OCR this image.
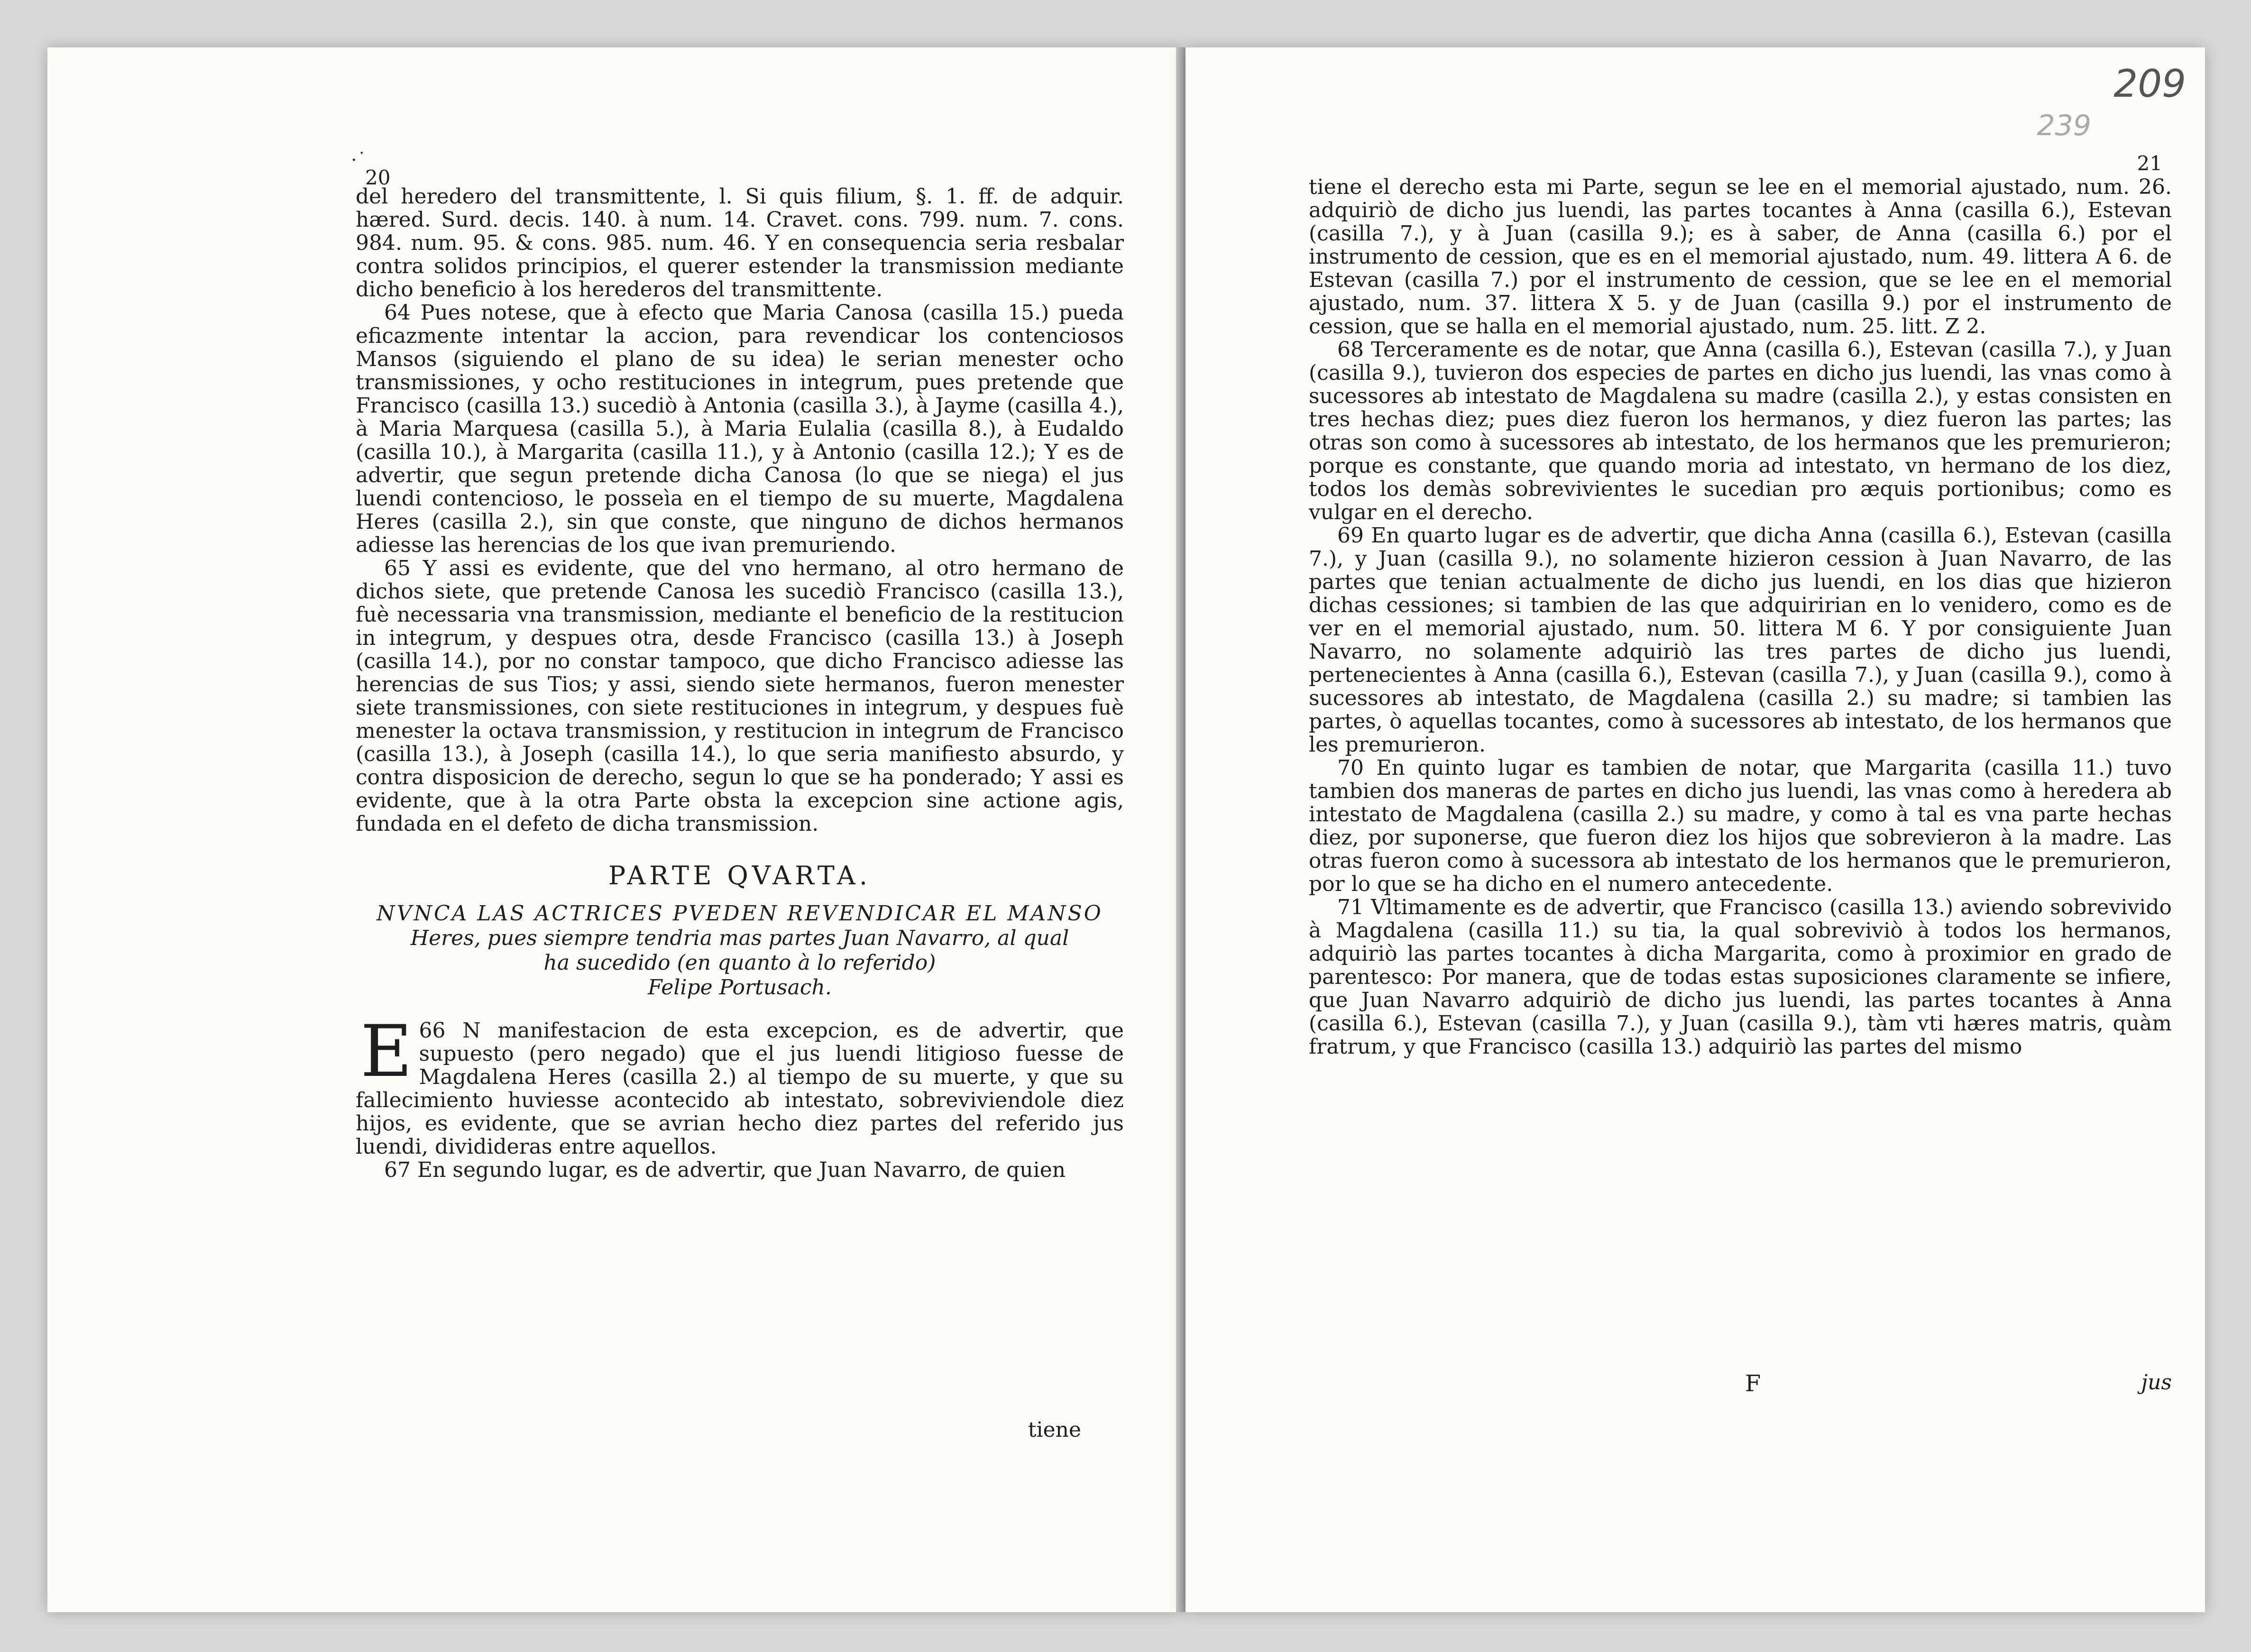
·˙
20

del heredero del transmittente, l. Si quis filium, §. 1. ff. de adquir. hæred. Surd. decis. 140. à num. 14. Cravet. cons. 799. num. 7. cons. 984. num. 95. & cons. 985. num. 46. Y en consequencia seria resbalar contra solidos principios, el querer estender la transmission mediante dicho beneficio à los herederos del transmittente.

64 Pues notese, que à efecto que Maria Canosa (casilla 15.) pueda eficazmente intentar la accion, para revendicar los contenciosos Mansos (siguiendo el plano de su idea) le serian menester ocho transmissiones, y ocho restituciones in integrum, pues pretende que Francisco (casilla 13.) sucediò à Antonia (casilla 3.), à Jayme (casilla 4.), à Maria Marquesa (casilla 5.), à Maria Eulalia (casilla 8.), à Eudaldo (casilla 10.), à Margarita (casilla 11.), y à Antonio (casilla 12.); Y es de advertir, que segun pretende dicha Canosa (lo que se niega) el jus luendi contencioso, le posseìa en el tiempo de su muerte, Magdalena Heres (casilla 2.), sin que conste, que ninguno de dichos hermanos adiesse las herencias de los que ivan premuriendo.

65 Y assi es evidente, que del vno hermano, al otro hermano de dichos siete, que pretende Canosa les sucediò Francisco (casilla 13.), fuè necessaria vna transmission, mediante el beneficio de la restitucion in integrum, y despues otra, desde Francisco (casilla 13.) à Joseph (casilla 14.), por no constar tampoco, que dicho Francisco adiesse las herencias de sus Tios; y assi, siendo siete hermanos, fueron menester siete transmissiones, con siete restituciones in integrum, y despues fuè menester la octava transmission, y restitucion in integrum de Francisco (casilla 13.), à Joseph (casilla 14.), lo que seria manifiesto absurdo, y contra disposicion de derecho, segun lo que se ha ponderado; Y assi es evidente, que à la otra Parte obsta la excepcion sine actione agis, fundada en el defeto de dicha transmission.

PARTE QVARTA.
NVNCA LAS ACTRICES PVEDEN REVENDICAR EL MANSO
Heres, pues siempre tendria mas partes Juan Navarro, al qual
ha sucedido (en quanto à lo referido)
Felipe Portusach.

66
E N manifestacion de esta excepcion, es de advertir, que supuesto (pero negado) que el jus luendi litigioso fuesse de Magdalena Heres (casilla 2.) al tiempo de su muerte, y que su fallecimiento huviesse acontecido ab intestato, sobreviviendole diez hijos, es evidente, que se avrian hecho diez partes del referido jus luendi, dividideras entre aquellos.

67 En segundo lugar, es de advertir, que Juan Navarro, de quien

tiene
209
239
21

tiene el derecho esta mi Parte, segun se lee en el memorial ajustado, num. 26. adquiriò de dicho jus luendi, las partes tocantes à Anna (casilla 6.), Estevan (casilla 7.), y à Juan (casilla 9.); es à saber, de Anna (casilla 6.) por el instrumento de cession, que es en el memorial ajustado, num. 49. littera A 6. de Estevan (casilla 7.) por el instrumento de cession, que se lee en el memorial ajustado, num. 37. littera X 5. y de Juan (casilla 9.) por el instrumento de cession, que se halla en el memorial ajustado, num. 25. litt. Z 2.

68 Terceramente es de notar, que Anna (casilla 6.), Estevan (casilla 7.), y Juan (casilla 9.), tuvieron dos especies de partes en dicho jus luendi, las vnas como à sucessores ab intestato de Magdalena su madre (casilla 2.), y estas consisten en tres hechas diez; pues diez fueron los hermanos, y diez fueron las partes; las otras son como à sucessores ab intestato, de los hermanos que les premurieron; porque es constante, que quando moria ad intestato, vn hermano de los diez, todos los demàs sobrevivientes le sucedian pro æquis portionibus; como es vulgar en el derecho.

69 En quarto lugar es de advertir, que dicha Anna (casilla 6.), Estevan (casilla 7.), y Juan (casilla 9.), no solamente hizieron cession à Juan Navarro, de las partes que tenian actualmente de dicho jus luendi, en los dias que hizieron dichas cessiones; si tambien de las que adquiririan en lo venidero, como es de ver en el memorial ajustado, num. 50. littera M 6. Y por consiguiente Juan Navarro, no solamente adquiriò las tres partes de dicho jus luendi, pertenecientes à Anna (casilla 6.), Estevan (casilla 7.), y Juan (casilla 9.), como à sucessores ab intestato, de Magdalena (casilla 2.) su madre; si tambien las partes, ò aquellas tocantes, como à sucessores ab intestato, de los hermanos que les premurieron.

70 En quinto lugar es tambien de notar, que Margarita (casilla 11.) tuvo tambien dos maneras de partes en dicho jus luendi, las vnas como à heredera ab intestato de Magdalena (casilla 2.) su madre, y como à tal es vna parte hechas diez, por suponerse, que fueron diez los hijos que sobrevieron à la madre. Las otras fueron como à sucessora ab intestato de los hermanos que le premurieron, por lo que se ha dicho en el numero antecedente.

71 Vltimamente es de advertir, que Francisco (casilla 13.) aviendo sobrevivido à Magdalena (casilla 11.) su tia, la qual sobreviviò à todos los hermanos, adquiriò las partes tocantes à dicha Margarita, como à proximior en grado de parentesco: Por manera, que de todas estas suposiciones claramente se infiere, que Juan Navarro adquiriò de dicho jus luendi, las partes tocantes à Anna (casilla 6.), Estevan (casilla 7.), y Juan (casilla 9.), tàm vti hæres matris, quàm fratrum, y que Francisco (casilla 13.) adquiriò las partes del mismo

F	jus
